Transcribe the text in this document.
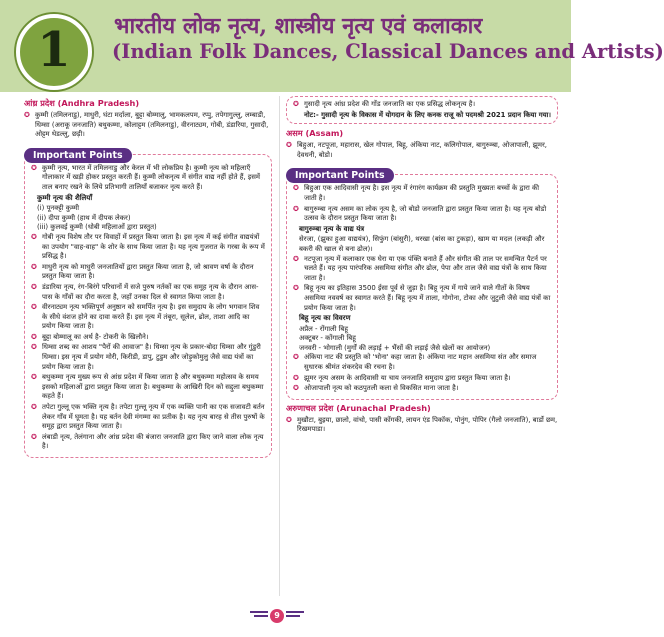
1	भारतीय लोक नृत्य, शास्त्रीय नृत्य एवं कलाकार
(Indian Folk Dances, Classical Dances and Artists)
आंध्र प्रदेश (Andhra Pradesh)
✪ कुम्मी (तमिलनाडु), माधुरी, घंटा मर्दाला, बुट्टा बोम्मालु, भामकलपम, रप्पु, तपेगागुल्लु, लम्बाडी, धिम्सा (अराकू जनजाति) बथुकम्मा, कोलाट्टम (तमिलनाडु), वीरनाट्यम, गोबी, डंडारिया, गुसादी, ओट्टम थेडल्लु, छड़ी।
Important Points
✪ कुम्मी नृत्य, भारत में तमिलनाडु और केरल में भी लोकप्रिय है। कुम्मी नृत्य को महिलाएँ गोलाकार में खड़ी होकर प्रस्तुत करती हैं। कुम्मी लोकनृत्य में संगीत वाद्य नहीं होते हैं, इसमें ताल बनाए रखने के लिये प्रतिभागी तालियाँ बजाकर नृत्य करते हैं।
कुम्मी नृत्य की शैलियाँ
(i) पूनक्ट्टी कुम्मी
(ii) दीपा कुम्मी (हाथ में दीपक लेकर)
(iii) कुलवई कुम्मी (धोबी महिलाओं द्वारा प्रस्तुत)
✪ गोबी नृत्य विशेष तौर पर विवाहों में प्रस्तुत किया जाता है। इस नृत्य में कई संगीत वाद्ययंत्रों का उपयोग "वाह-वाह" के शोर के साथ किया जाता है। यह नृत्य गुजरात के गरबा के रूप में प्रसिद्ध है।
✪ माधुरी नृत्य को माधुरी जनजातियों द्वारा प्रस्तुत किया जाता है, जो श्रावण वर्षा के दौरान प्रस्तुत किया जाता है।
✪ डंडारिया नृत्य, रंग-बिरंगे परिधानों में सजे पुरुष नर्तकों का एक समूह नृत्य के दौरान आस-पास के गाँवों का दौरा करता है, जहाँ उनका दिल से स्वागत किया जाता है।
✪ वीरनाट्यम नृत्य भक्तिपूर्ण अनुष्ठान को समर्पित नृत्य है। इस समुदाय के लोग भगवान शिव के सीधे वंशज होने का दावा करते हैं। इस नृत्य में तंबूरा, सूलेल, ढोल, ताशा आदि का प्रयोग किया जाता है।
✪ बुट्टा बोम्मालू का अर्थ है- टोकरी के खिलौने।
✪ धिम्सा शब्द का आशय "पैरों की आवाज" है। धिम्सा नृत्य के प्रकार-बोदा धिम्सा और गुंडुरी धिम्सा। इस नृत्य में प्रयोग मोरी, किरीडी, डापु, टुडुम और जोड़ुकोमुलु जैसे वाद्य यंत्रों का प्रयोग किया जाता है।
✪ बथुकम्मा नृत्य मुख्य रूप से आंध्र प्रदेश में किया जाता है और बथुकम्मा महोत्सव के समय इसको महिलाओं द्वारा प्रस्तुत किया जाता है। बथुकम्मा के आखिरी दिन को सद्दुला बथुकम्मा कहते हैं।
✪ तपेटा गुल्लू एक भक्ति नृत्य है। तपेटा गुल्लू नृत्य में एक व्यक्ति पानी का एक सजावटी बर्तन लेकर गाँव में घूमता है। यह बर्तन देवी मंगम्मा का प्रतीक है। यह नृत्य बारह से तीस पुरुषों के समूह द्वारा प्रस्तुत किया जाता है।
✪ लंबाडी नृत्य, तेलंगाना और आंध्र प्रदेश की बंजारा जनजाति द्वारा किए जाने वाला लोक नृत्य है।
✪ गुसादी नृत्य आंध्र प्रदेश की गोंड जनजाति का एक प्रसिद्ध लोकनृत्य है।
नोट:- गुसादी नृत्य के विकास में योगदान के लिए कनक राजू को पदमश्री 2021 प्रदान किया गया।
असम (Assam)
✪ बिहुआ, नटपूजा, महारास, खेल गोपाल, बिहू, अंकिया नाट, कलिगोपाल, बागुरुम्बा, ओजापाली, झूमर, देवधनी, बोडो।
Important Points
✪ बिहुआ एक आदिवासी नृत्य है। इस नृत्य में रंगारंग कार्यक्रम की प्रस्तुति मुख्यतः बच्चों के द्वारा की जाती है।
✪ बागुरुम्बा नृत्य असम का लोक नृत्य है, जो बोडो जनजाति द्वारा प्रस्तुत किया जाता है। यह नृत्य बोडो उत्सव के दौरान प्रस्तुत किया जाता है।
बागुरुम्बा नृत्य के वाद्य यंत्र
सेरजा, (झुका हुआ वाद्ययंत्र), सिफुंग (बांसुरी), थरखा (बांस का टुकड़ा), खाम या मदल (लकड़ी और बकरी की खाल से बना ढोल)।
✪ नटपूजा नृत्य में कलाकार एक घेरा या एक पंक्ति बनाते हैं और संगीत की ताल पर समन्वित पैटर्न पर चलते हैं। यह नृत्य पारंपरिक असमिया संगीत और ढोल, पेपा और ताल जैसे वाद्य यंत्रों के साथ किया जाता है।
✪ बिहू नृत्य का इतिहास 3500 ईसा पूर्व से जुड़ा है। बिहू नृत्य में गाये जाने वाले गीतों के विषय असमिया नववर्ष का स्वागत करते हैं। बिहू नृत्य में ताला, गोगोना, टोका और जुटुली जैसे वाद्य यंत्रों का प्रयोग किया जाता है।
बिहू नृत्य का विवरण
अप्रैल - रोंगाली बिहू
अक्टूबर - कोंगाली बिहू
जनवरी - भोगाली (मुर्गों की लड़ाई + भैंसों की लड़ाई जैसे खेलों का आयोजन)
✪ अंकिया नाट की प्रस्तुति को 'भोना' कहा जाता है। अंकिया नाट महान असमिया संत और समाज सुधारक श्रीमंत शंकरदेव की रचना है।
✪ झूमर नृत्य असम के आदिवासी या चाय जनजाति समुदाय द्वारा प्रस्तुत किया जाता है।
✪ ओजापाली नृत्य को कठपुतली कला से विकसित माना जाता है।
अरुणाचल प्रदेश (Arunachal Pradesh)
✪ मुखौटा, बुइया, छालो, वांचो, पासी कोंगकी, लायन एंड पिकॉक, पोनुंग, पोपिर (गैलो जनजाति), बार्डो छम, रिखमपाडा।
9
